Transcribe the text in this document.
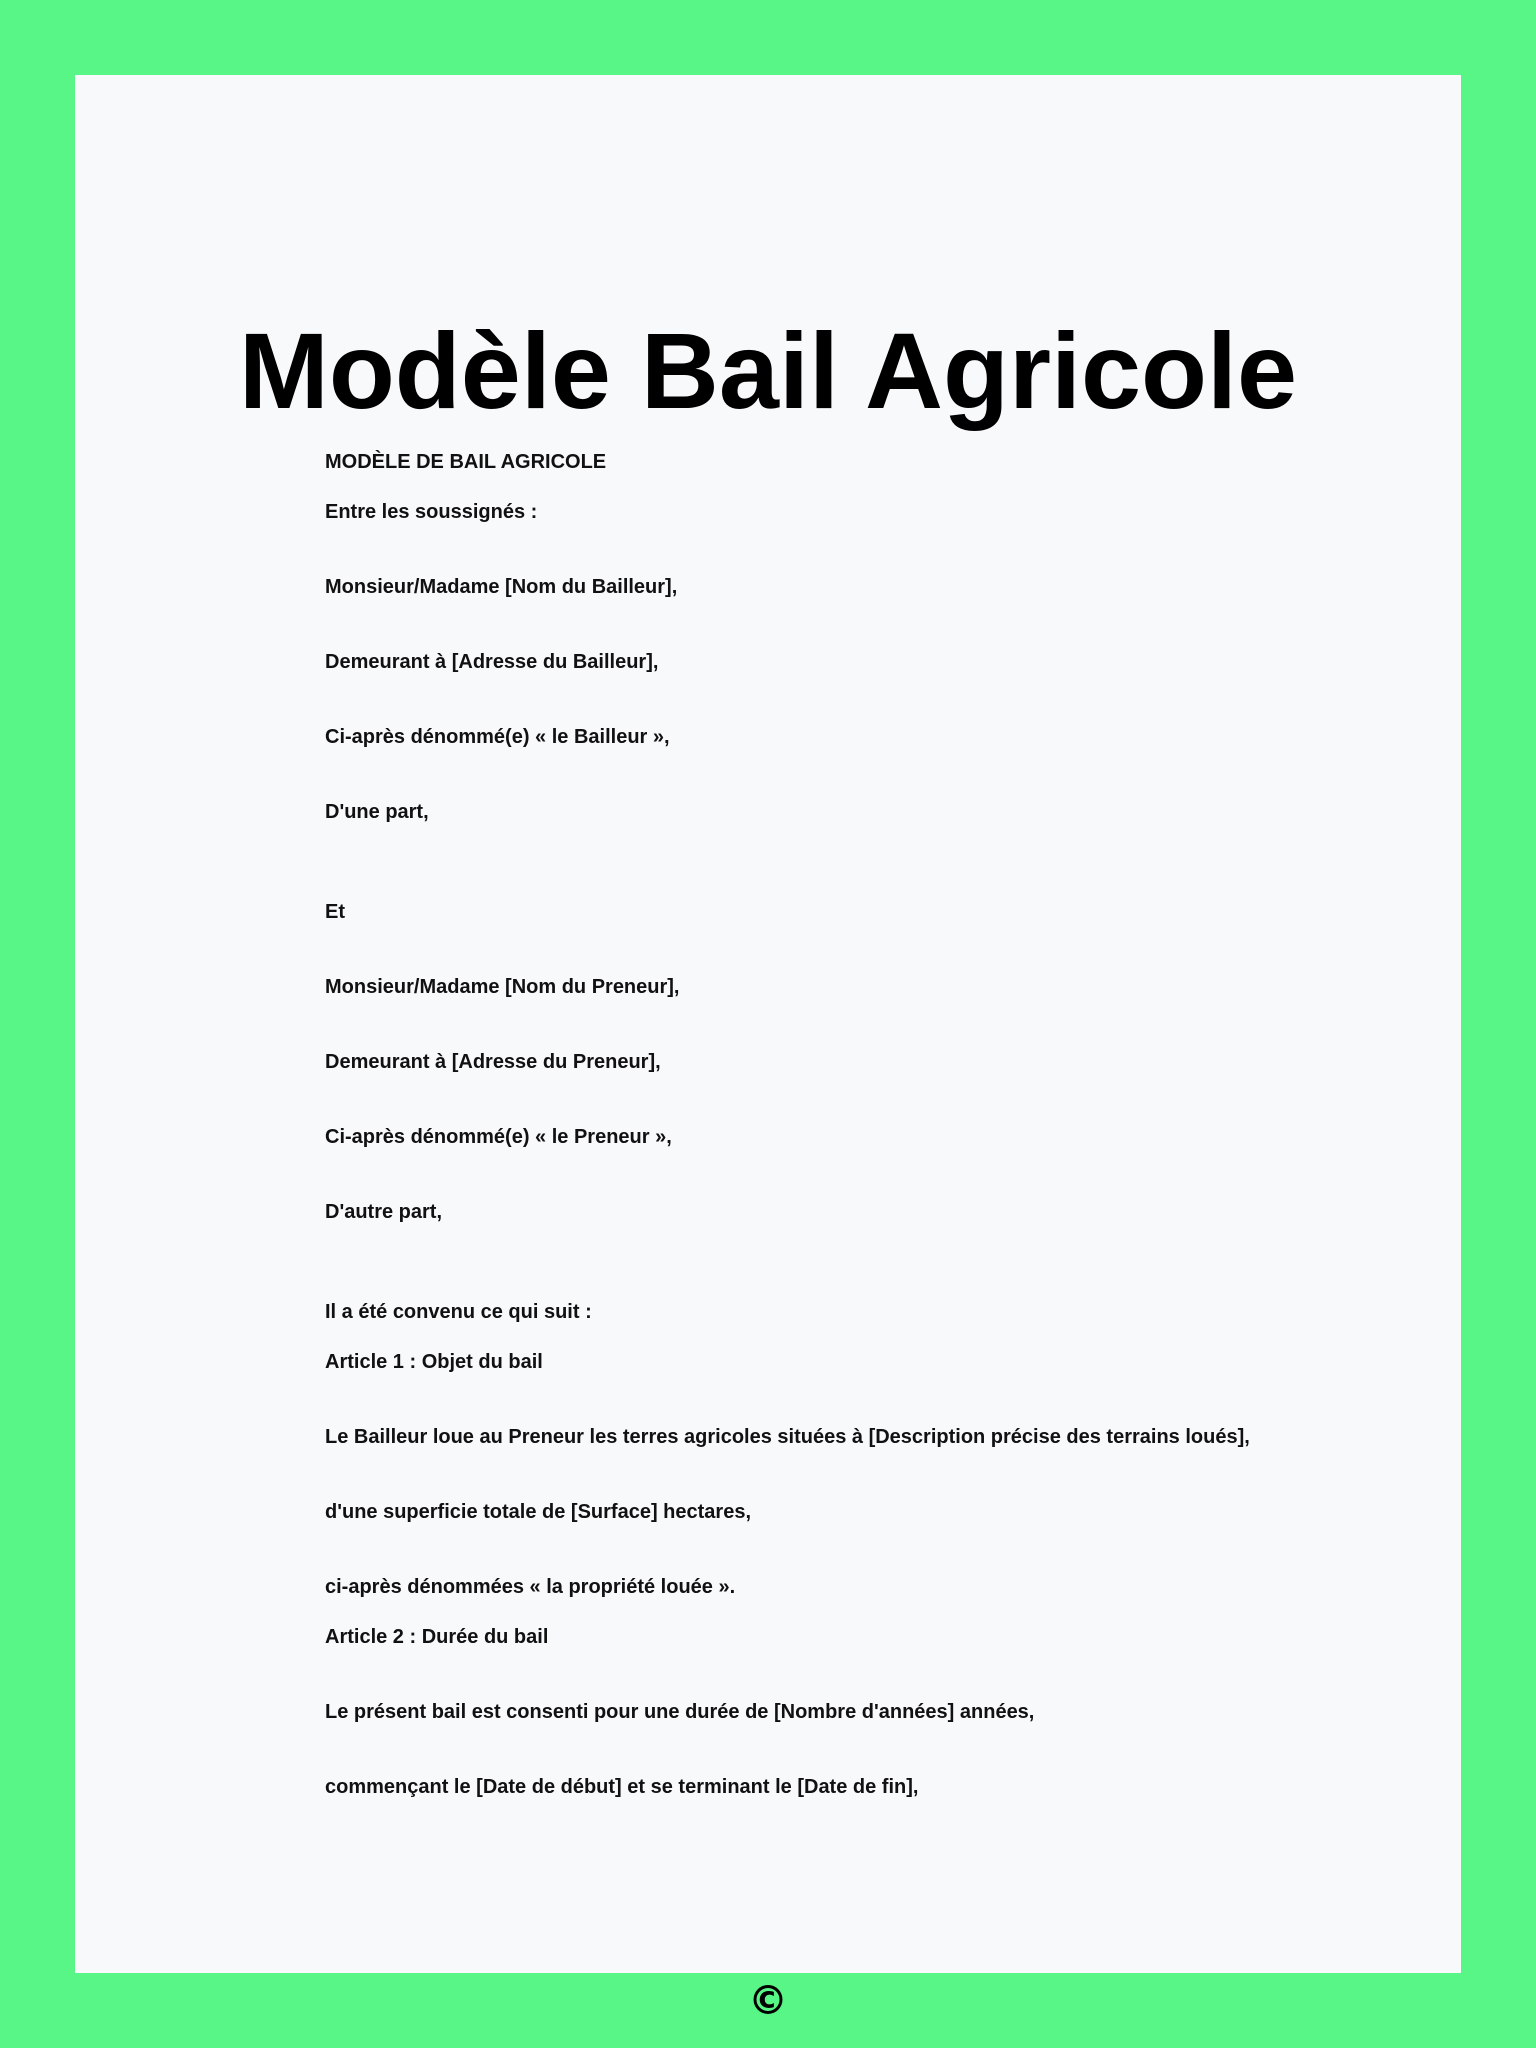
Modèle Bail Agricole

MODÈLE DE BAIL AGRICOLE

Entre les soussignés :

Monsieur/Madame [Nom du Bailleur],

Demeurant à [Adresse du Bailleur],

Ci-après dénommé(e) « le Bailleur »,

D'une part,

Et

Monsieur/Madame [Nom du Preneur],

Demeurant à [Adresse du Preneur],

Ci-après dénommé(e) « le Preneur »,

D'autre part,

Il a été convenu ce qui suit :

Article 1 : Objet du bail

Le Bailleur loue au Preneur les terres agricoles situées à [Description précise des terrains loués],

d'une superficie totale de [Surface] hectares,

ci-après dénommées « la propriété louée ».

Article 2 : Durée du bail

Le présent bail est consenti pour une durée de [Nombre d'années] années,

commençant le [Date de début] et se terminant le [Date de fin],

©
